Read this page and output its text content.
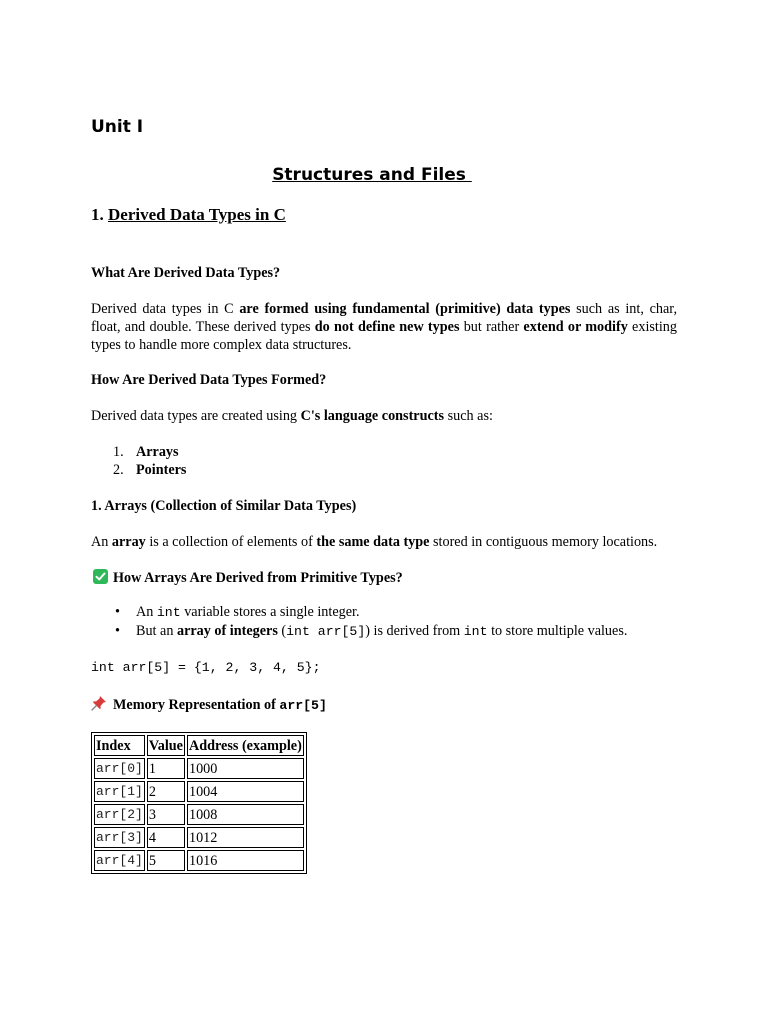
Unit I
Structures and Files
1. Derived Data Types in C
What Are Derived Data Types?

Derived data types in C are formed using fundamental (primitive) data types such as int, char, float, and double. These derived types do not define new types but rather extend or modify existing types to handle more complex data structures.

How Are Derived Data Types Formed?

Derived data types are created using C's language constructs such as:

1. Arrays
2. Pointers
1. Arrays (Collection of Similar Data Types)

An array is a collection of elements of the same data type stored in contiguous memory locations.

How Arrays Are Derived from Primitive Types?
• An int variable stores a single integer.
• But an array of integers (int arr[5]) is derived from int to store multiple values.

int arr[5] = {1, 2, 3, 4, 5};

Memory Representation of arr[5]
Index	Value	Address (example)
arr[0]	1	1000
arr[1]	2	1004
arr[2]	3	1008
arr[3]	4	1012
arr[4]	5	1016
